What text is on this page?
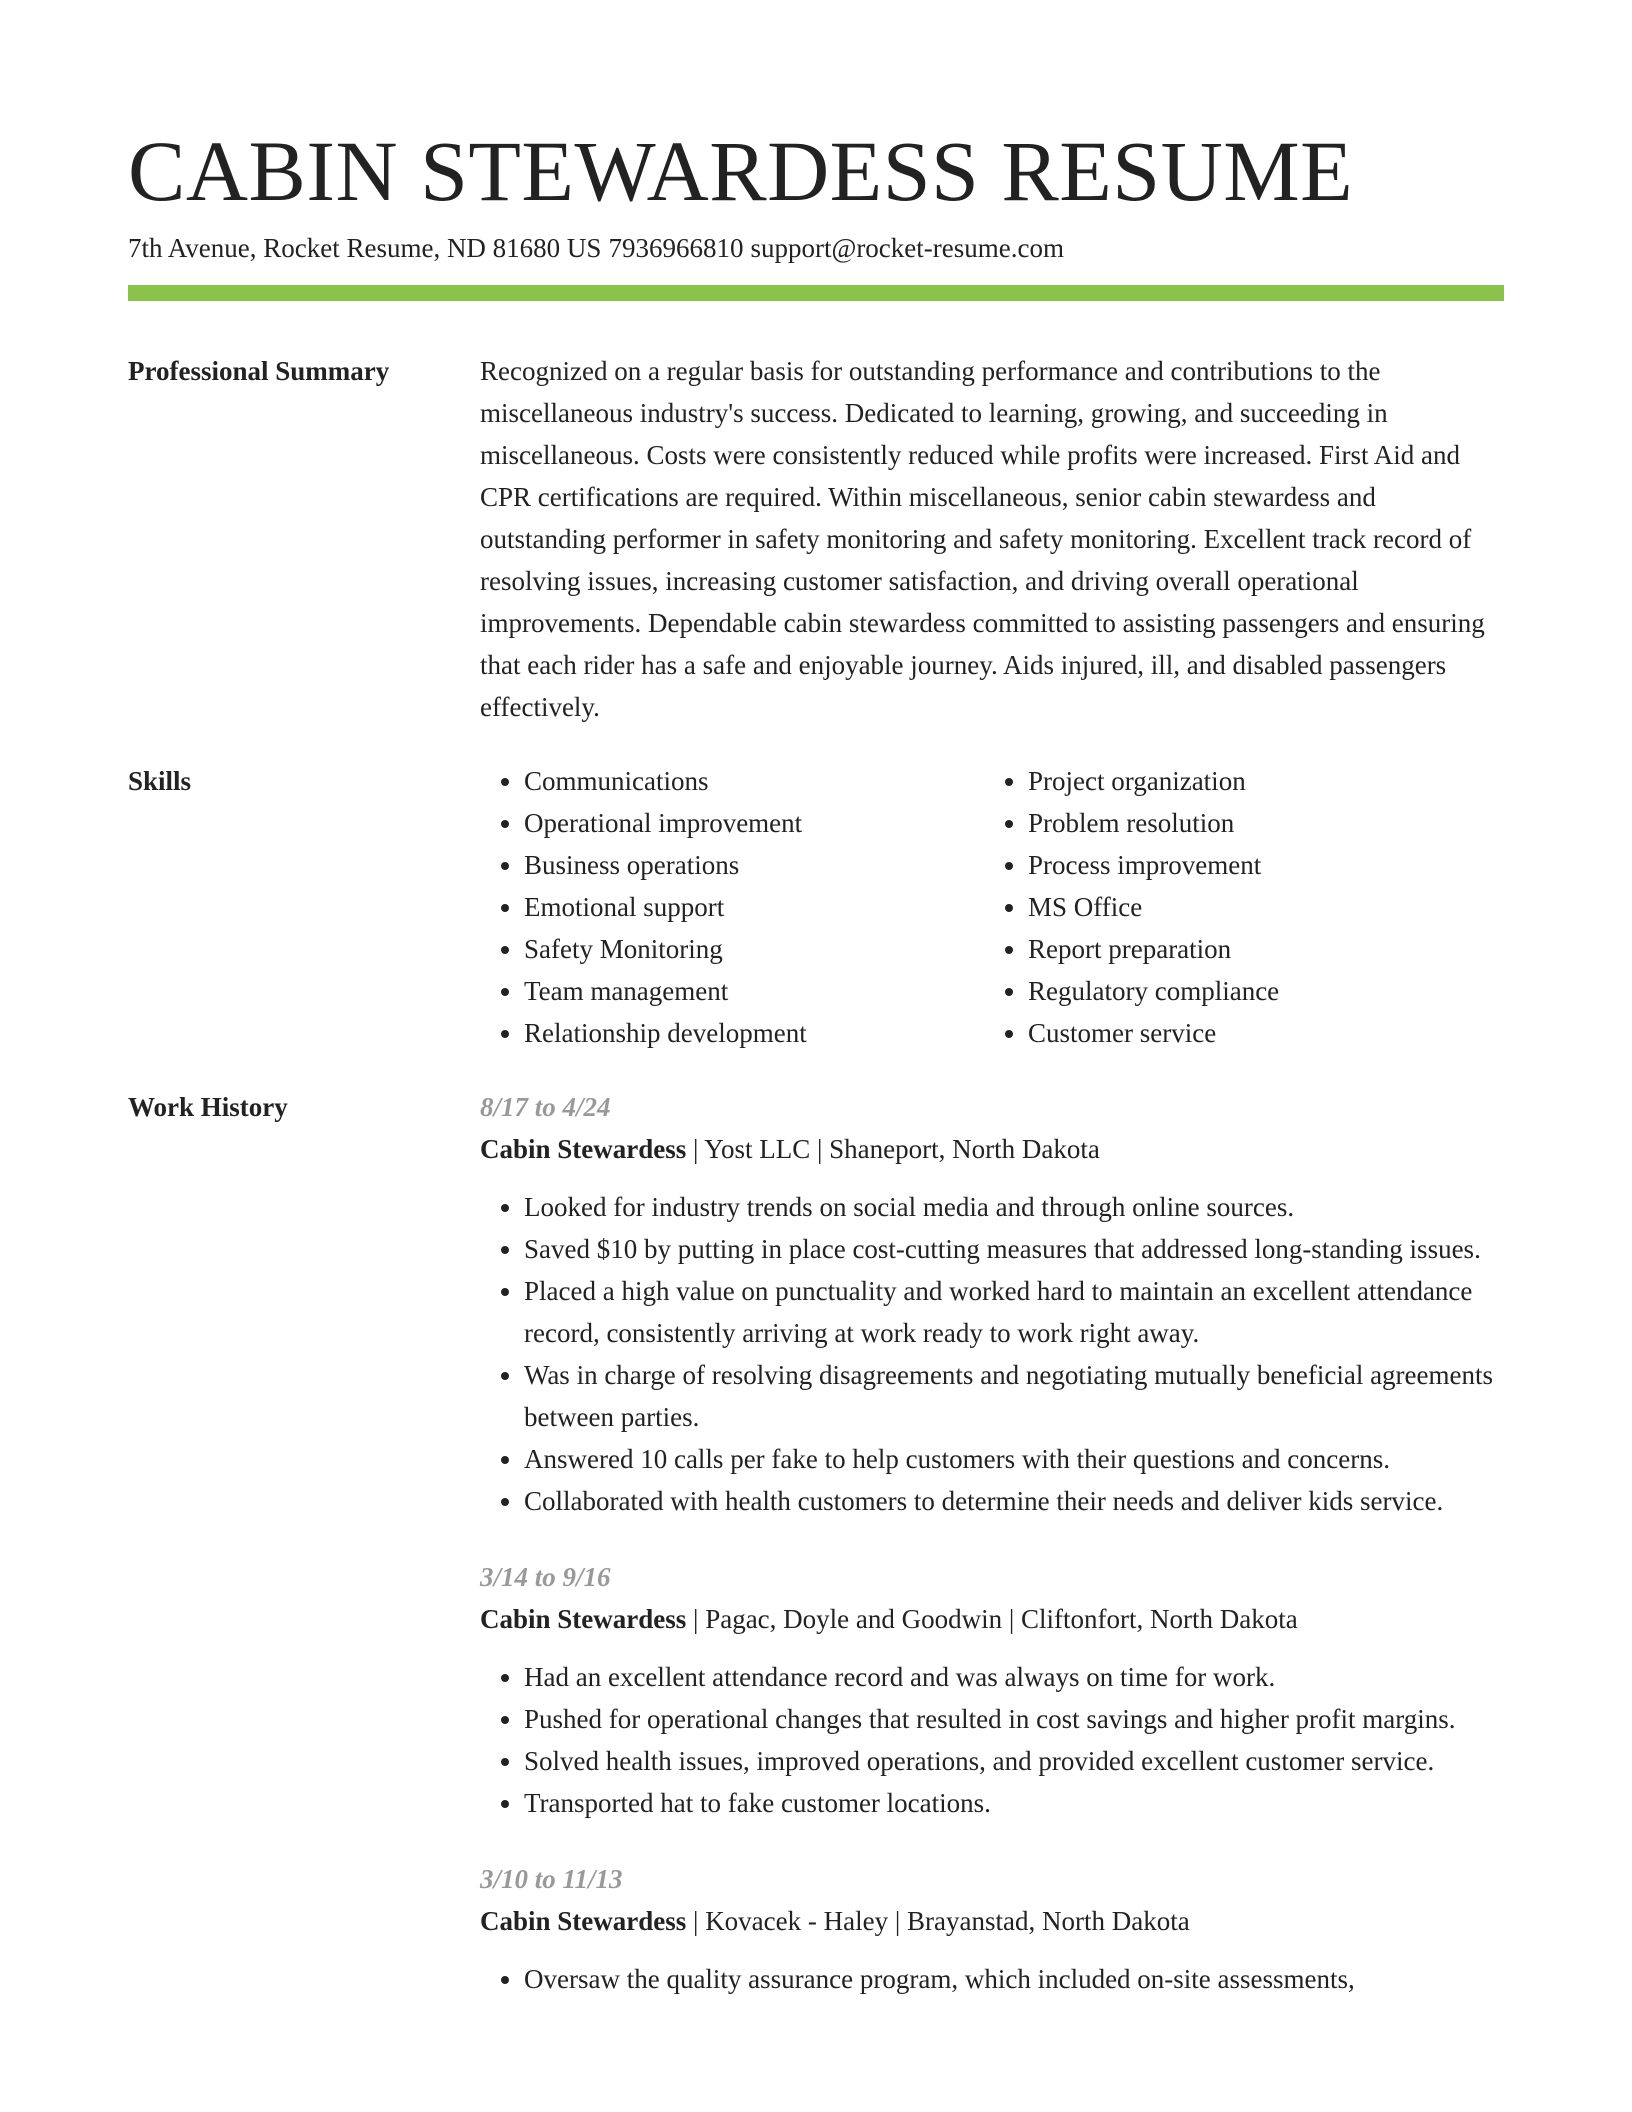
CABIN STEWARDESS RESUME
7th Avenue, Rocket Resume, ND 81680 US 7936966810 support@rocket-resume.com
Professional Summary	Recognized on a regular basis for outstanding performance and contributions to the miscellaneous industry's success. Dedicated to learning, growing, and succeeding in miscellaneous. Costs were consistently reduced while profits were increased. First Aid and CPR certifications are required. Within miscellaneous, senior cabin stewardess and outstanding performer in safety monitoring and safety monitoring. Excellent track record of resolving issues, increasing customer satisfaction, and driving overall operational improvements. Dependable cabin stewardess committed to assisting passengers and ensuring that each rider has a safe and enjoyable journey. Aids injured, ill, and disabled passengers effectively.

Skills
•	Communications
• Operational improvement
• Business operations
• Emotional support
• Safety Monitoring
• Team management
• Relationship development
• Project organization
• Problem resolution
• Process improvement
• MS Office
• Report preparation
• Regulatory compliance
• Customer service
Work History	8/17 to 4/24
Cabin Stewardess | Yost LLC | Shaneport, North Dakota
• Looked for industry trends on social media and through online sources.
• Saved $10 by putting in place cost-cutting measures that addressed long-standing issues.
• Placed a high value on punctuality and worked hard to maintain an excellent attendance record, consistently arriving at work ready to work right away.
• Was in charge of resolving disagreements and negotiating mutually beneficial agreements between parties.
• Answered 10 calls per fake to help customers with their questions and concerns.
• Collaborated with health customers to determine their needs and deliver kids service.
3/14 to 9/16
Cabin Stewardess | Pagac, Doyle and Goodwin | Cliftonfort, North Dakota
• Had an excellent attendance record and was always on time for work.
• Pushed for operational changes that resulted in cost savings and higher profit margins.
• Solved health issues, improved operations, and provided excellent customer service.
• Transported hat to fake customer locations.
3/10 to 11/13
Cabin Stewardess | Kovacek - Haley | Brayanstad, North Dakota
• Oversaw the quality assurance program, which included on-site assessments,
